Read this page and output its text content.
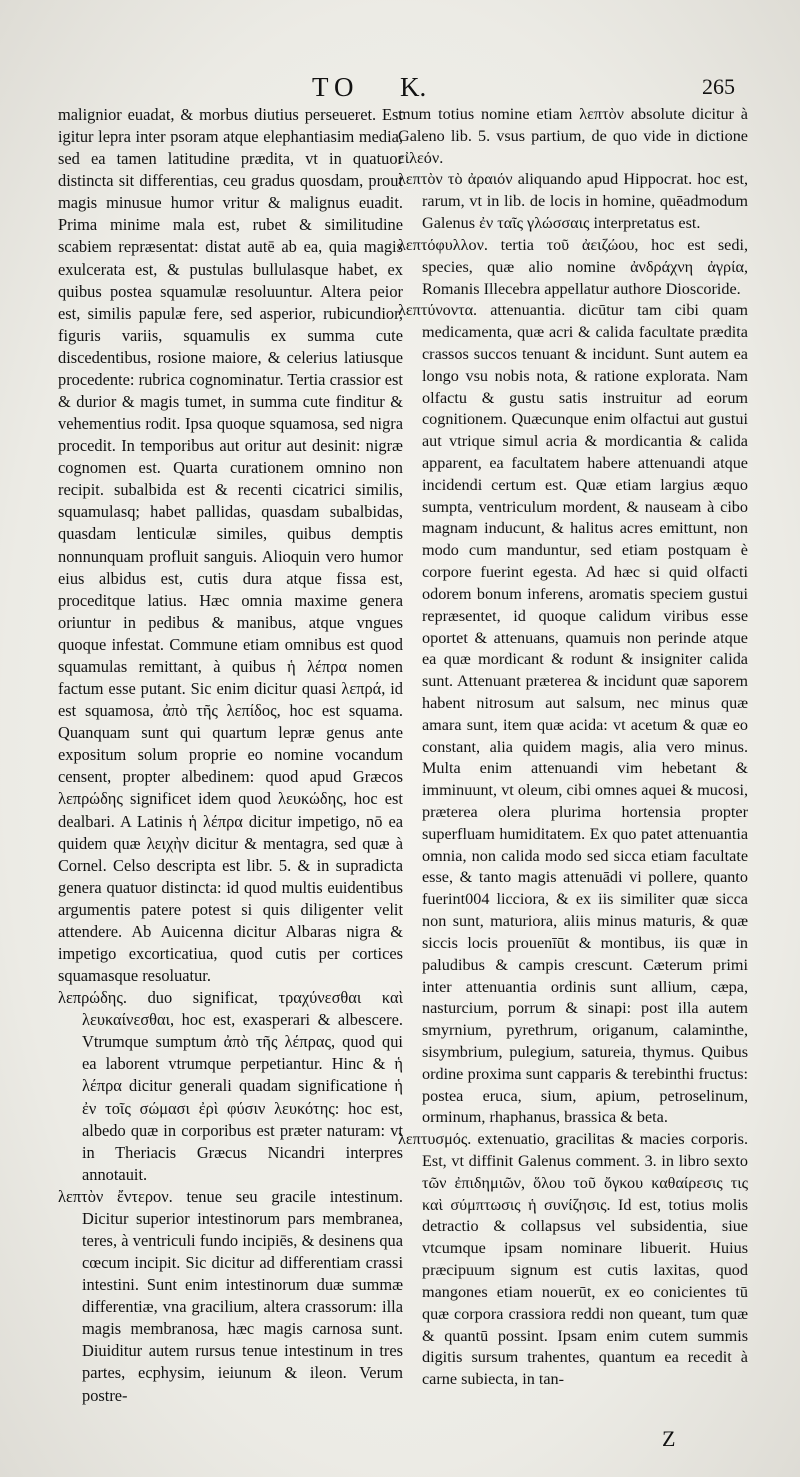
TO K.	265

malignior euadat, & morbus diutius perseueret. Est igitur lepra inter psoram atque elephantiasim media, sed ea tamen latitudine prædita, vt in quatuor distincta sit differentias, ceu gradus quosdam, prout magis minusue humor vritur & malignus euadit. Prima minime mala est, rubet & similitudine scabiem repræsentat: distat autē ab ea, quia magis exulcerata est, & pustulas bullulasque habet, ex quibus postea squamulæ resoluuntur. Altera peior est, similis papulæ fere, sed asperior, rubicundior, figuris variis, squamulis ex summa cute discedentibus, rosione maiore, & celerius latiusque procedente: rubrica cognominatur. Tertia crassior est & durior & magis tumet, in summa cute finditur & vehementius rodit. Ipsa quoque squamosa, sed nigra procedit. In temporibus aut oritur aut desinit: nigræ cognomen est. Quarta curationem omnino non recipit. subalbida est & recenti cicatrici similis, squamulasq; habet pallidas, quasdam subalbidas, quasdam lenticulæ similes, quibus demptis nonnunquam profluit sanguis. Alioquin vero humor eius albidus est, cutis dura atque fissa est, proceditque latius. Hæc omnia maxime genera oriuntur in pedibus & manibus, atque vngues quoque infestat. Commune etiam omnibus est quod squamulas remittant, à quibus ἡ λέπρα nomen factum esse putant. Sic enim dicitur quasi λεπρά, id est squamosa, ἀπὸ τῆς λεπίδος, hoc est squama. Quanquam sunt qui quartum lepræ genus ante expositum solum proprie eo nomine vocandum censent, propter albedinem: quod apud Græcos λεπρώδης significet idem quod λευκώδης, hoc est dealbari. A Latinis ἡ λέπρα dicitur impetigo, nō ea quidem quæ λειχὴν dicitur & mentagra, sed quæ à Cornel. Celso descripta est libr. 5. & in supradicta genera quatuor distincta: id quod multis euidentibus argumentis patere potest si quis diligenter velit attendere. Ab Auicenna dicitur Albaras nigra & impetigo excorticatiua, quod cutis per cortices squamasque resoluatur.

λεπρώδης. duo significat, τραχύνεσθαι καὶ λευκαίνεσθαι, hoc est, exasperari & albescere. Vtrumque sumptum ἀπὸ τῆς λέπρας, quod qui ea laborent vtrumque perpetiantur. Hinc & ἡ λέπρα dicitur generali quadam significatione ἡ ἐν τοῖς σώμασι ἐρὶ φύσιν λευκότης: hoc est, albedo quæ in corporibus est præter naturam: vt in Theriacis Græcus Nicandri interpres annotauit.

λεπτὸν ἔντερον. tenue seu gracile intestinum. Dicitur superior intestinorum pars membranea, teres, à ventriculi fundo incipiēs, & desinens qua cœcum incipit. Sic dicitur ad differentiam crassi intestini. Sunt enim intestinorum duæ summæ differentiæ, vna gracilium, altera crassorum: illa magis membranosa, hæc magis carnosa sunt. Diuiditur autem rursus tenue intestinum in tres partes, ecphysim, ieiunum & ileon. Verum postre-

mum totius nomine etiam λεπτὸν absolute dicitur à Galeno lib. 5. vsus partium, de quo vide in dictione εἰλεόν.

λεπτὸν τὸ ἀραιόν aliquando apud Hippocrat. hoc est, rarum, vt in lib. de locis in homine, quēadmodum Galenus ἐν ταῖς γλώσσαις interpretatus est.

λεπτόφυλλον. tertia τοῦ ἀειζώου, hoc est sedi, species, quæ alio nomine ἀνδράχνη ἀγρία, Romanis Illecebra appellatur authore Dioscoride.

λεπτύνοντα. attenuantia. dicūtur tam cibi quam medicamenta, quæ acri & calida facultate prædita crassos succos tenuant & incidunt. Sunt autem ea longo vsu nobis nota, & ratione explorata. Nam olfactu & gustu satis instruitur ad eorum cognitionem. Quæcunque enim olfactui aut gustui aut vtrique simul acria & mordicantia & calida apparent, ea facultatem habere attenuandi atque incidendi certum est. Quæ etiam largius æquo sumpta, ventriculum mordent, & nauseam à cibo magnam inducunt, & halitus acres emittunt, non modo cum manduntur, sed etiam postquam è corpore fuerint egesta. Ad hæc si quid olfacti odorem bonum inferens, aromatis speciem gustui repræsentet, id quoque calidum viribus esse oportet & attenuans, quamuis non perinde atque ea quæ mordicant & rodunt & insigniter calida sunt. Attenuant præterea & incidunt quæ saporem habent nitrosum aut salsum, nec minus quæ amara sunt, item quæ acida: vt acetum & quæ eo constant, alia quidem magis, alia vero minus. Multa enim attenuandi vim hebetant & imminuunt, vt oleum, cibi omnes aquei & mucosi, præterea olera plurima hortensia propter superfluam humiditatem. Ex quo patet attenuantia omnia, non calida modo sed sicca etiam facultate esse, & tanto magis attenuādi vi pollere, quanto fuerint004 licciora, & ex iis similiter quæ sicca non sunt, maturiora, aliis minus maturis, & quæ siccis locis prouenīūt & montibus, iis quæ in paludibus & campis crescunt. Cæterum primi inter attenuantia ordinis sunt allium, cæpa, nasturcium, porrum & sinapi: post illa autem smyrnium, pyrethrum, origanum, calaminthe, sisymbrium, pulegium, satureia, thymus. Quibus ordine proxima sunt capparis & terebinthi fructus: postea eruca, sium, apium, petroselinum, orminum, rhaphanus, brassica & beta.

λεπτυσμός. extenuatio, gracilitas & macies corporis. Est, vt diffinit Galenus comment. 3. in libro sexto τῶν ἐπιδημιῶν, ὅλου τοῦ ὄγκου καθαίρεσις τις καὶ σύμπτωσις ἡ συνίζησις. Id est, totius molis detractio & collapsus vel subsidentia, siue vtcumque ipsam nominare libuerit. Huius præcipuum signum est cutis laxitas, quod mangones etiam nouerūt, ex eo conicientes tū quæ corpora crassiora reddi non queant, tum quæ & quantū possint. Ipsam enim cutem summis digitis sursum trahentes, quantum ea recedit à carne subiecta, in tan-

Z
